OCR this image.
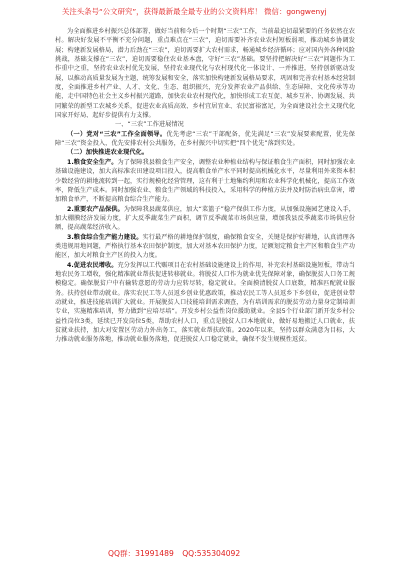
关注头条号“公文研究”，获得最新最全最专业的公文资料库！ 微信：gongwenyj

为全面推进乡村振兴总体部署，做好当前和今后一个时期“三农”工作，当前最迫切最紧要的任务依然在农村。解决好发展不平衡不充分问题，重点难点在“三农”，迫切需要补齐农业农村短板弱项，推动城乡协调发展；构建新发展格局，潜力后劲在“三农”，迫切需要扩大农村需求，畅通城乡经济循环；应对国内外各种风险挑战，基础支撑在“三农”，迫切需要稳住农业基本盘，守好“三农”基础。要坚持把解决好“三农”问题作为工作重中之重，坚持农业农村优先发展，坚持农业现代化与农村现代化一体设计、一并推进，坚持创新驱动发展，以推动高质量发展为主题，统筹发展和安全，落实加快构建新发展格局要求，巩固和完善农村基本经营制度，全面推进乡村产业、人才、文化、生态、组织振兴，充分发挥农业产品供给、生态屏障、文化传承等功能，走中国特色社会主义乡村振兴道路，加快农业农村现代化，加快形成工农互促、城乡互补、协调发展、共同繁荣的新型工农城乡关系，促进农业高质高效、乡村宜居宜业、农民富裕富足，为全面建设社会主义现代化国家开好局、起好步提供有力支撑。

一、“三农”工作进展情况

（一）党对“三农”工作全面领导。优先考虑“三农”干部配备，优先满足“三农”发展要素配置，优先保障“三农”资金投入，优先安排农村公共服务，在乡村振兴中切实把“四个优先”落到实处。

（二）加快推进农业现代化。

1.粮食安全生产。为了保障我县粮食生产安全，调整农业种植业结构与保证粮食生产面积，同时加强农业基础设施建设，加大高标准农田建设项目投入，提高粮食单产水平同时提高机械化水平，尽量利用外来资本积少数经营的耕地流转到一起，实行规模化经营管理，这有利于土地集约利用和农业科学化机械化，提高工作效率，降低生产成本。同时加强农业、粮食生产领域的科技投入，采用科学的种植方法并及时防治病虫草害，增加粮食单产，不断提高粮食综合生产能力。

2.重要农产品保供。为保障我县蔬菜供应，加大“菜篮子”稳产保供工作力度，从加强设施园艺建设入手，加大棚膜经济发展力度，扩大反季蔬菜生产面积，调节反季蔬菜市场供应量，增加我县反季蔬菜市场供应份额，提高蔬菜经济收入。

3.粮食综合生产能力建设。实行最严格的耕地保护制度，确保粮食安全，关键是保护好耕地，认真清理各类违规用地问题，严格执行基本农田保护制度，加大对基本农田保护力度，足额划定粮食主产区和粮食生产功能区，加大对粮食主产区的投入力度。

4.促进农民增收。充分发挥以工代赈项目在农村基础设施建设上的作用，补充农村基础设施短板，带动当地农民务工增收，强化精准就业帮扶促进转移就业。将脱贫人口作为就业优先保障对象，确保脱贫人口务工规模稳定。确保脱贫户中有输转意愿的劳动力应转尽转，稳定就业。全面摸清脱贫人口底数，精准匹配就业服务。扶持创业带动就业。落实农民工等人员返乡创业优惠政策，推动农民工等人员返乡下乡创业，促进创业带动就业，推进技能培训扩大就业。开展脱贫人口技能培训需求调查，为有培训需求的脱贫劳动力量身定制培训专业，实施精准培训，努力做到“应培尽培”。开发乡村公益性岗位援助就业。全县5个行业部门新开发乡村公益性岗位3类，延续已开发岗位5类，帮助农村人口，重点是脱贫人口本地就业，做好易地搬迁人口就业，扶贫就业扶持，加大对安置区劳动力外出务工，落实就业帮扶政策。2020年以来，坚持以群众满意为目标，大力推动就业服务落地，推动就业服务落地，促进脱贫人口稳定就业，确保不发生规模性返贫。

QQ群：31991489 QQ:535304092
